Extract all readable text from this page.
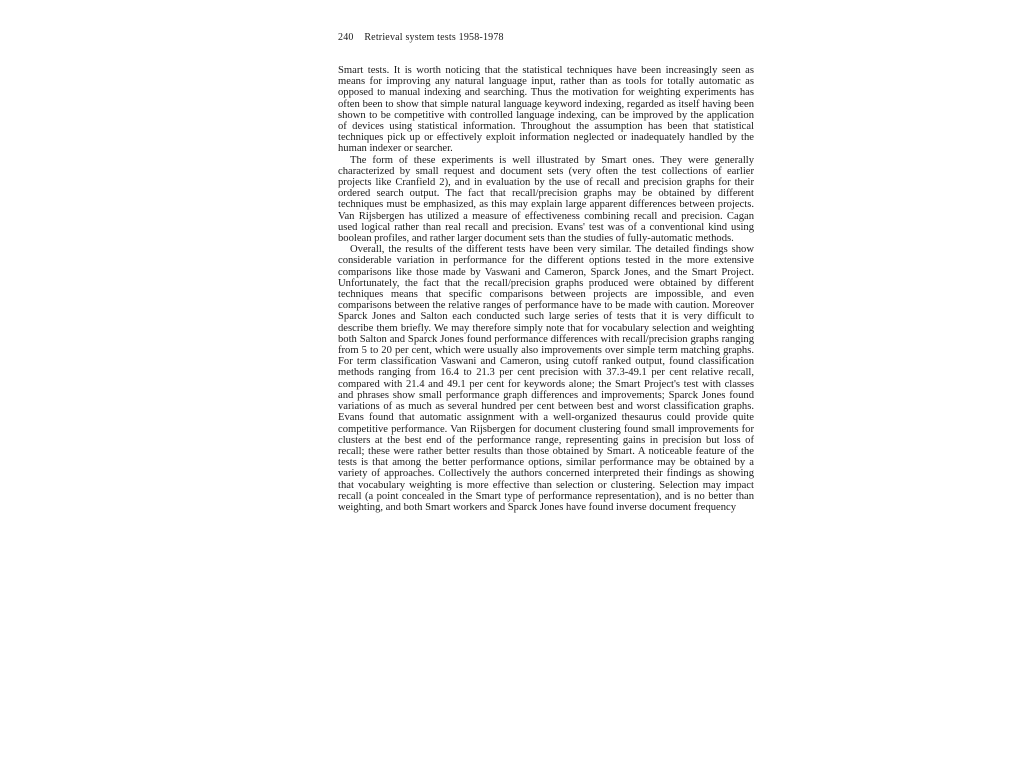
240 Retrieval system tests 1958-1978

Smart tests. It is worth noticing that the statistical techniques have been increasingly seen as means for improving any natural language input, rather than as tools for totally automatic as opposed to manual indexing and searching. Thus the motivation for weighting experiments has often been to show that simple natural language keyword indexing, regarded as itself having been shown to be competitive with controlled language indexing, can be improved by the application of devices using statistical information. Throughout the assumption has been that statistical techniques pick up or effectively exploit information neglected or inadequately handled by the human indexer or searcher.

The form of these experiments is well illustrated by Smart ones. They were generally characterized by small request and document sets (very often the test collections of earlier projects like Cranfield 2), and in evaluation by the use of recall and precision graphs for their ordered search output. The fact that recall/precision graphs may be obtained by different techniques must be emphasized, as this may explain large apparent differences between projects. Van Rijsbergen has utilized a measure of effectiveness combining recall and precision. Cagan used logical rather than real recall and precision. Evans' test was of a conventional kind using boolean profiles, and rather larger document sets than the studies of fully-automatic methods.

Overall, the results of the different tests have been very similar. The detailed findings show considerable variation in performance for the different options tested in the more extensive comparisons like those made by Vaswani and Cameron, Sparck Jones, and the Smart Project. Unfortunately, the fact that the recall/precision graphs produced were obtained by different techniques means that specific comparisons between projects are impossible, and even comparisons between the relative ranges of performance have to be made with caution. Moreover Sparck Jones and Salton each conducted such large series of tests that it is very difficult to describe them briefly. We may therefore simply note that for vocabulary selection and weighting both Salton and Sparck Jones found performance differences with recall/precision graphs ranging from 5 to 20 per cent, which were usually also improvements over simple term matching graphs. For term classification Vaswani and Cameron, using cutoff ranked output, found classification methods ranging from 16.4 to 21.3 per cent precision with 37.3-49.1 per cent relative recall, compared with 21.4 and 49.1 per cent for keywords alone; the Smart Project's test with classes and phrases show small performance graph differences and improvements; Sparck Jones found variations of as much as several hundred per cent between best and worst classification graphs. Evans found that automatic assignment with a well-organized thesaurus could provide quite competitive performance. Van Rijsbergen for document clustering found small improvements for clusters at the best end of the performance range, representing gains in precision but loss of recall; these were rather better results than those obtained by Smart. A noticeable feature of the tests is that among the better performance options, similar performance may be obtained by a variety of approaches. Collectively the authors concerned interpreted their findings as showing that vocabulary weighting is more effective than selection or clustering. Selection may impact recall (a point concealed in the Smart type of performance representation), and is no better than weighting, and both Smart workers and Sparck Jones have found inverse document frequency
